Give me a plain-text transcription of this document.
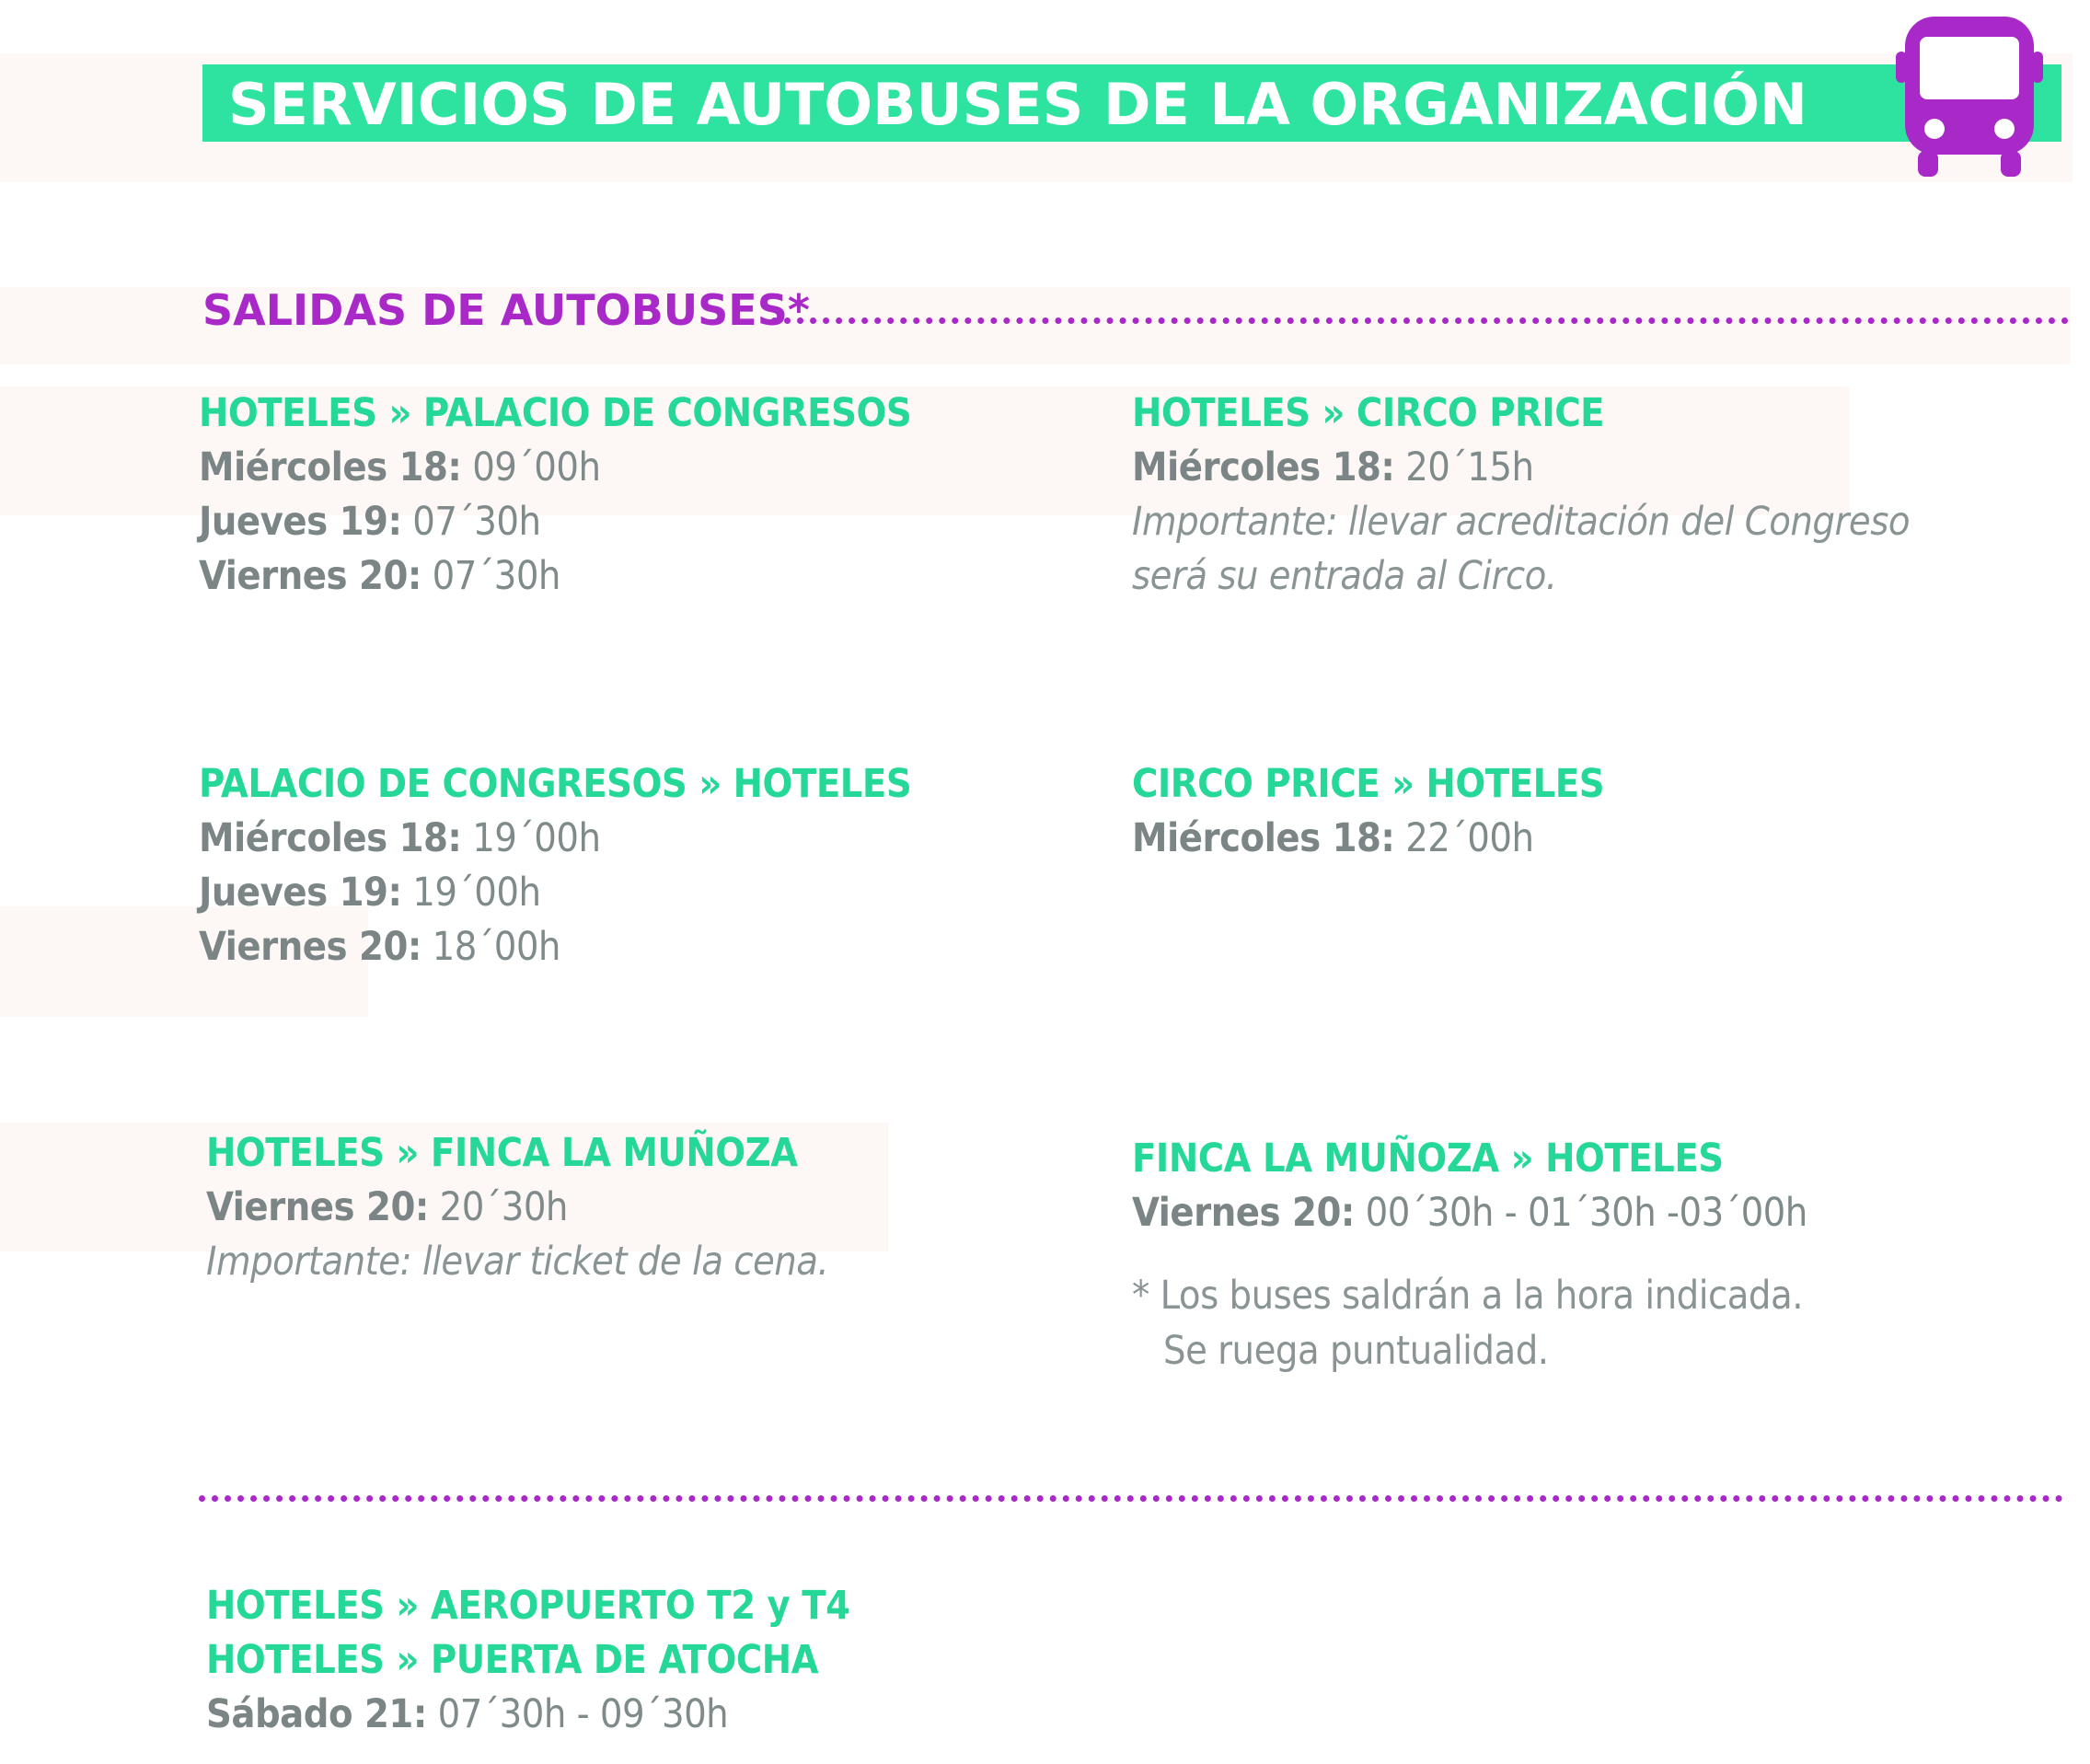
SERVICIOS DE AUTOBUSES DE LA ORGANIZACIÓN
SALIDAS DE AUTOBUSES*
HOTELES » PALACIO DE CONGRESOS
Miércoles 18: 09´00h
Jueves 19: 07´30h
Viernes 20: 07´30h
HOTELES » CIRCO PRICE
Miércoles 18: 20´15h
Importante: llevar acreditación del Congreso
será su entrada al Circo.
PALACIO DE CONGRESOS » HOTELES
Miércoles 18: 19´00h
Jueves 19: 19´00h
Viernes 20: 18´00h
CIRCO PRICE » HOTELES
Miércoles 18: 22´00h
HOTELES » FINCA LA MUÑOZA
Viernes 20: 20´30h
Importante: llevar ticket de la cena.
FINCA LA MUÑOZA » HOTELES
Viernes 20: 00´30h - 01´30h -03´00h
* Los buses saldrán a la hora indicada.
Se ruega puntualidad.
HOTELES » AEROPUERTO T2 y T4
HOTELES » PUERTA DE ATOCHA
Sábado 21: 07´30h - 09´30h
